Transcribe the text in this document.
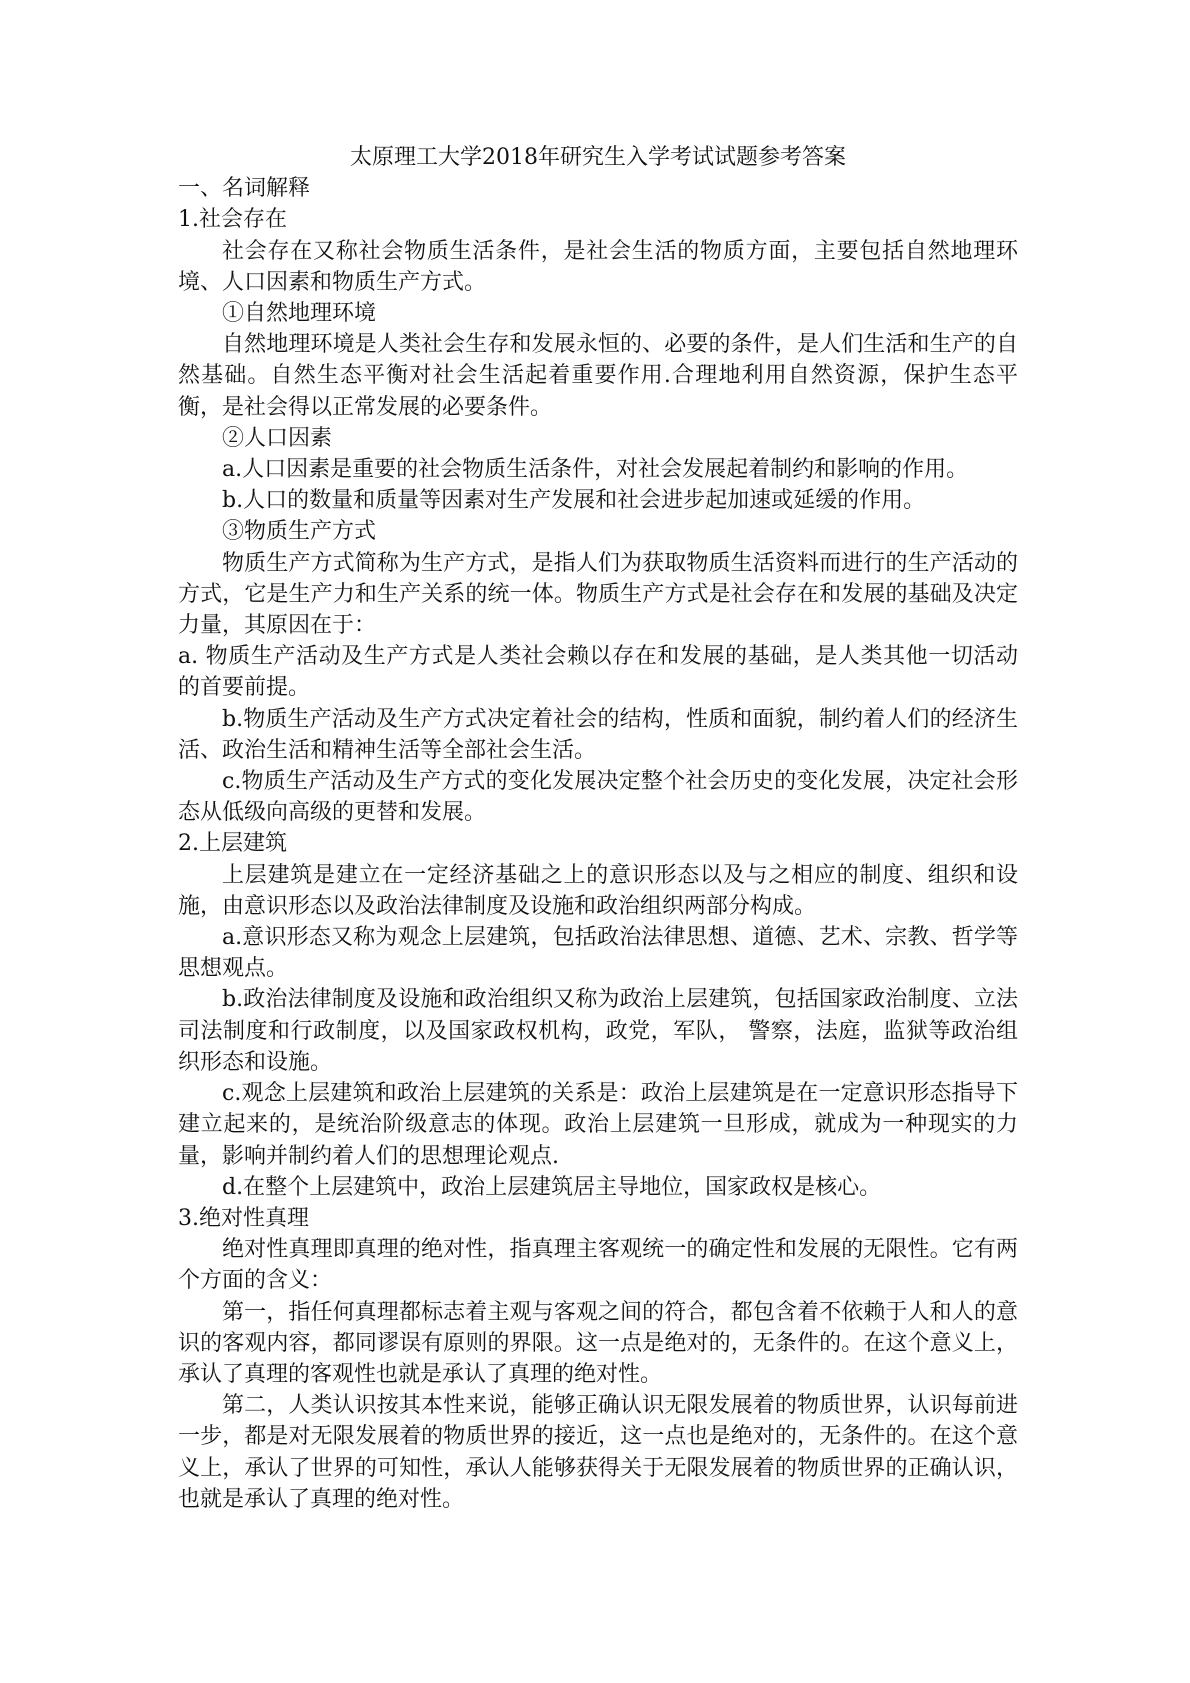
太原理工大学2018年研究生入学考试试题参考答案

一、名词解释

1.社会存在

社会存在又称社会物质生活条件，是社会生活的物质方面，主要包括自然地理环境、人口因素和物质生产方式。

①自然地理环境

自然地理环境是人类社会生存和发展永恒的、必要的条件，是人们生活和生产的自然基础。自然生态平衡对社会生活起着重要作用.合理地利用自然资源，保护生态平衡，是社会得以正常发展的必要条件。

②人口因素

a.人口因素是重要的社会物质生活条件，对社会发展起着制约和影响的作用。

b.人口的数量和质量等因素对生产发展和社会进步起加速或延缓的作用。

③物质生产方式

物质生产方式简称为生产方式，是指人们为获取物质生活资料而进行的生产活动的方式，它是生产力和生产关系的统一体。物质生产方式是社会存在和发展的基础及决定力量，其原因在于：

a. 物质生产活动及生产方式是人类社会赖以存在和发展的基础，是人类其他一切活动的首要前提。

b.物质生产活动及生产方式决定着社会的结构，性质和面貌，制约着人们的经济生活、政治生活和精神生活等全部社会生活。

c.物质生产活动及生产方式的变化发展决定整个社会历史的变化发展，决定社会形态从低级向高级的更替和发展。

2.上层建筑

上层建筑是建立在一定经济基础之上的意识形态以及与之相应的制度、组织和设施，由意识形态以及政治法律制度及设施和政治组织两部分构成。

a.意识形态又称为观念上层建筑，包括政治法律思想、道德、艺术、宗教、哲学等思想观点。

b.政治法律制度及设施和政治组织又称为政治上层建筑，包括国家政治制度、立法司法制度和行政制度，以及国家政权机构，政党，军队， 警察，法庭，监狱等政治组织形态和设施。

c.观念上层建筑和政治上层建筑的关系是：政治上层建筑是在一定意识形态指导下建立起来的，是统治阶级意志的体现。政治上层建筑一旦形成，就成为一种现实的力量，影响并制约着人们的思想理论观点.

d.在整个上层建筑中，政治上层建筑居主导地位，国家政权是核心。

3.绝对性真理

绝对性真理即真理的绝对性，指真理主客观统一的确定性和发展的无限性。它有两个方面的含义：

第一，指任何真理都标志着主观与客观之间的符合，都包含着不依赖于人和人的意识的客观内容，都同谬误有原则的界限。这一点是绝对的，无条件的。在这个意义上，承认了真理的客观性也就是承认了真理的绝对性。

第二，人类认识按其本性来说，能够正确认识无限发展着的物质世界，认识每前进一步，都是对无限发展着的物质世界的接近，这一点也是绝对的，无条件的。在这个意义上，承认了世界的可知性，承认人能够获得关于无限发展着的物质世界的正确认识，也就是承认了真理的绝对性。
